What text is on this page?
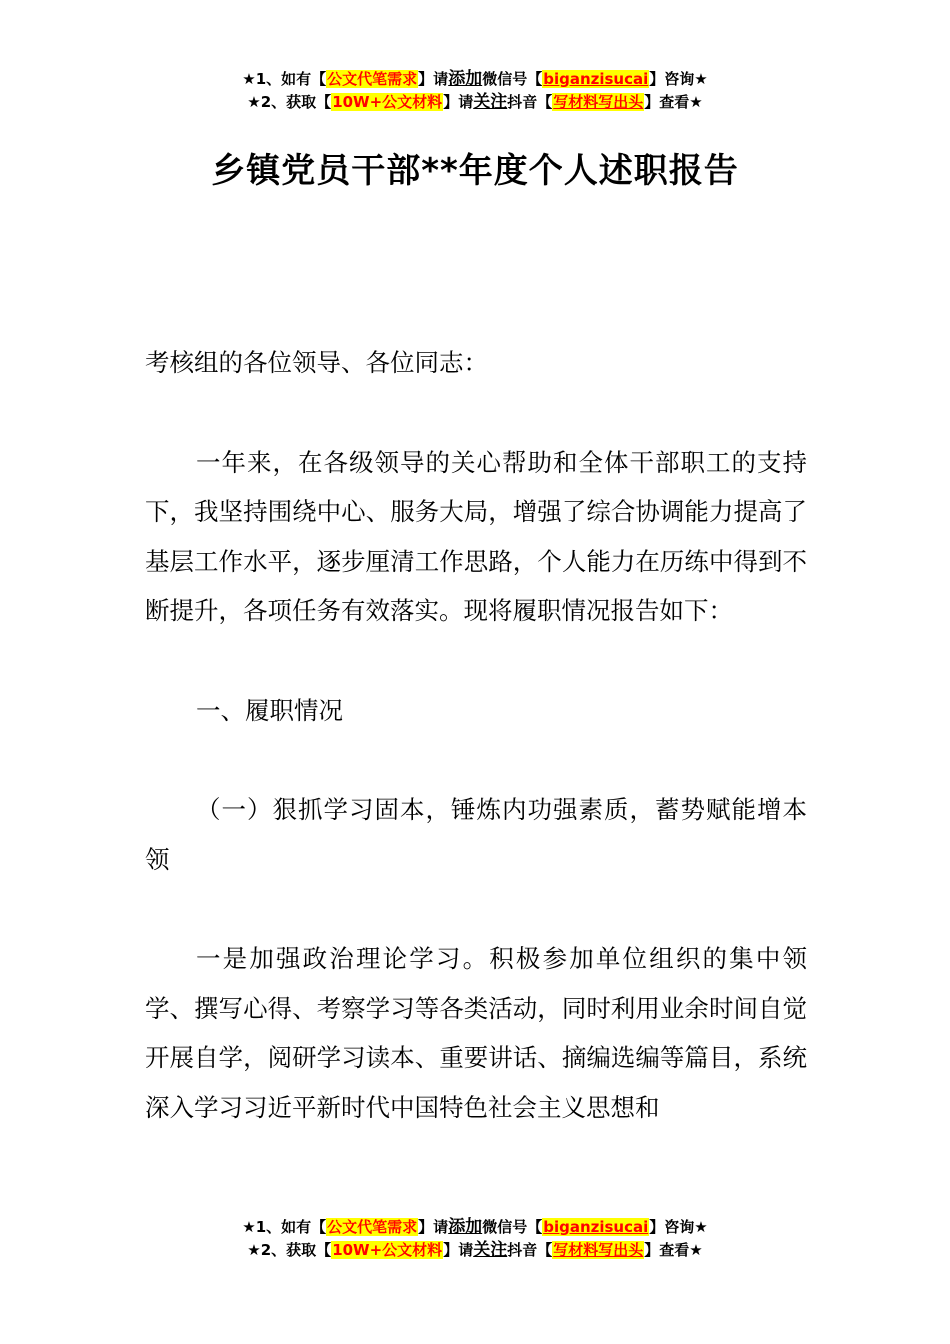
★1、如有【公文代笔需求】请添加微信号【biganzisucai】咨询★
★2、获取【10W+公文材料】请关注抖音【写材料写出头】查看★
乡镇党员干部**年度个人述职报告

考核组的各位领导、各位同志：

一年来，在各级领导的关心帮助和全体干部职工的支持下，我坚持围绕中心、服务大局，增强了综合协调能力提高了基层工作水平，逐步厘清工作思路，个人能力在历练中得到不断提升，各项任务有效落实。现将履职情况报告如下：

一、履职情况

（一）狠抓学习固本，锤炼内功强素质，蓄势赋能增本领

一是加强政治理论学习。积极参加单位组织的集中领学、撰写心得、考察学习等各类活动，同时利用业余时间自觉开展自学，阅研学习读本、重要讲话、摘编选编等篇目，系统深入学习习近平新时代中国特色社会主义思想和

★1、如有【公文代笔需求】请添加微信号【biganzisucai】咨询★
★2、获取【10W+公文材料】请关注抖音【写材料写出头】查看★
